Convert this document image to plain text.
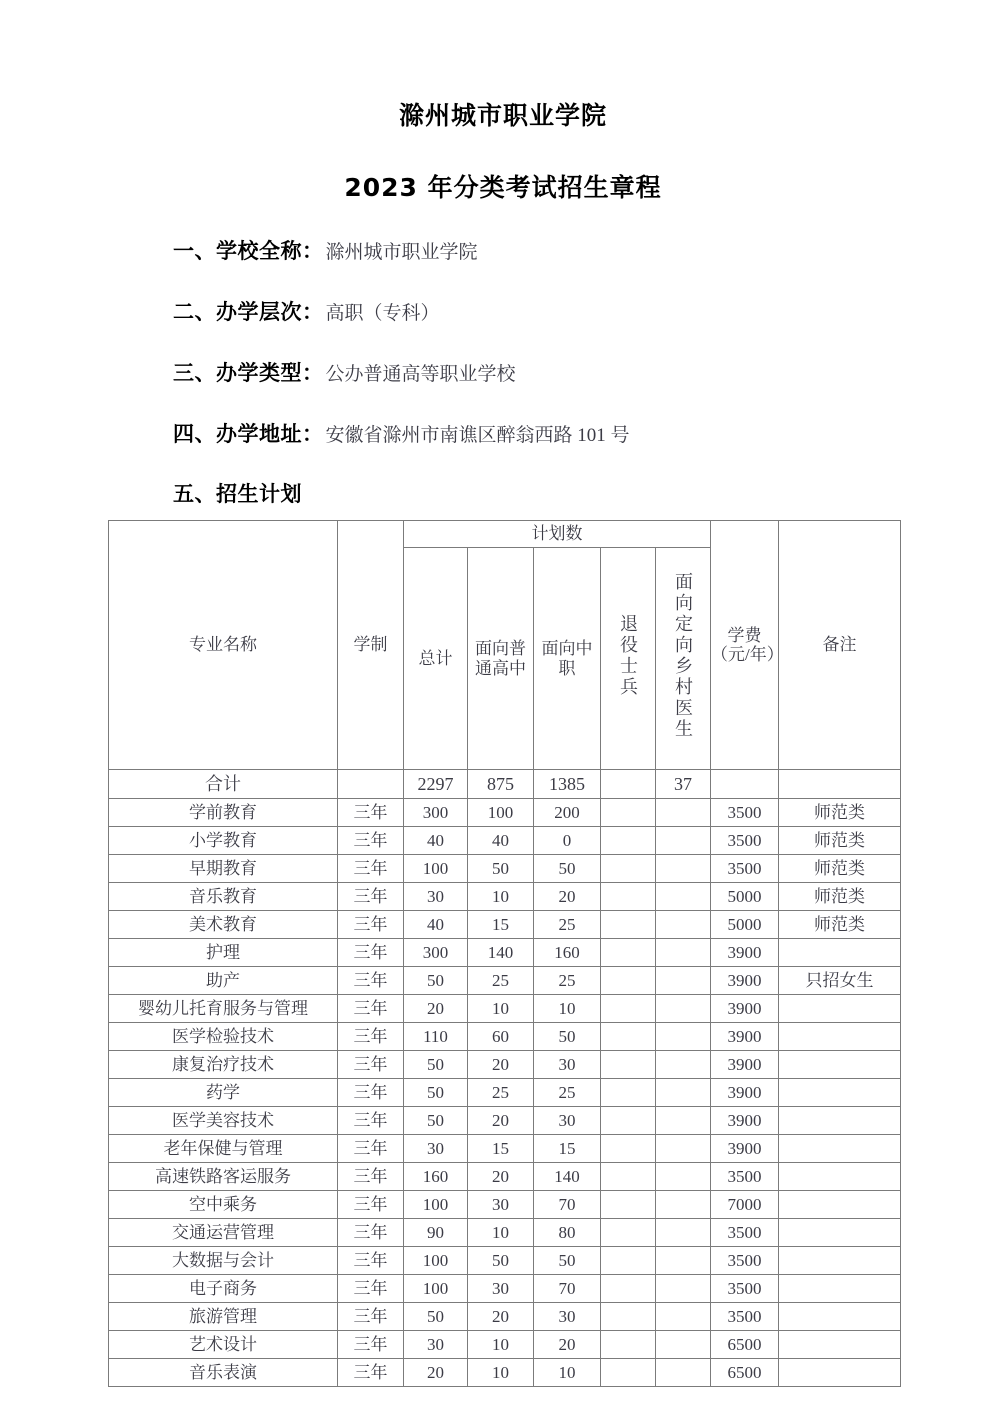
滁州城市职业学院
2023 年分类考试招生章程
一、学校全称： 滁州城市职业学院
二、办学层次： 高职（专科）
三、办学类型： 公办普通高等职业学校
四、办学地址： 安徽省滁州市南谯区醉翁西路 101 号
五、招生计划
专业名称	学制	计划数					学费（元/年）	备注
		总计	面向普通高中	面向中职	退役士兵	面向定向乡村医生		
合计		2297	875	1385		37		
学前教育	三年	300	100	200			3500	师范类
小学教育	三年	40	40	0			3500	师范类
早期教育	三年	100	50	50			3500	师范类
音乐教育	三年	30	10	20			5000	师范类
美术教育	三年	40	15	25			5000	师范类
护理	三年	300	140	160			3900	
助产	三年	50	25	25			3900	只招女生
婴幼儿托育服务与管理	三年	20	10	10			3900	
医学检验技术	三年	110	60	50			3900	
康复治疗技术	三年	50	20	30			3900	
药学	三年	50	25	25			3900	
医学美容技术	三年	50	20	30			3900	
老年保健与管理	三年	30	15	15			3900	
高速铁路客运服务	三年	160	20	140			3500	
空中乘务	三年	100	30	70			7000	
交通运营管理	三年	90	10	80			3500	
大数据与会计	三年	100	50	50			3500	
电子商务	三年	100	30	70			3500	
旅游管理	三年	50	20	30			3500	
艺术设计	三年	30	10	20			6500	
音乐表演	三年	20	10	10			6500	
